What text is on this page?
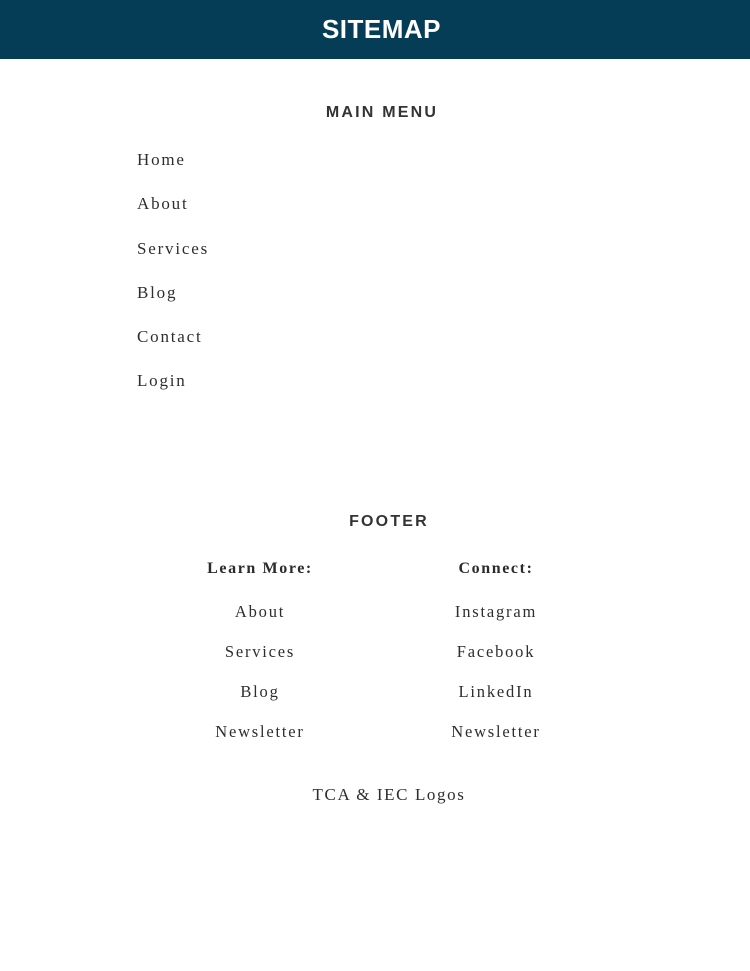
SITEMAP
MAIN MENU
Home
About
Services
Blog
Contact
Login
FOOTER
Learn More:
About
Services
Blog
Newsletter
Connect:
Instagram
Facebook
LinkedIn
Newsletter
TCA & IEC Logos
